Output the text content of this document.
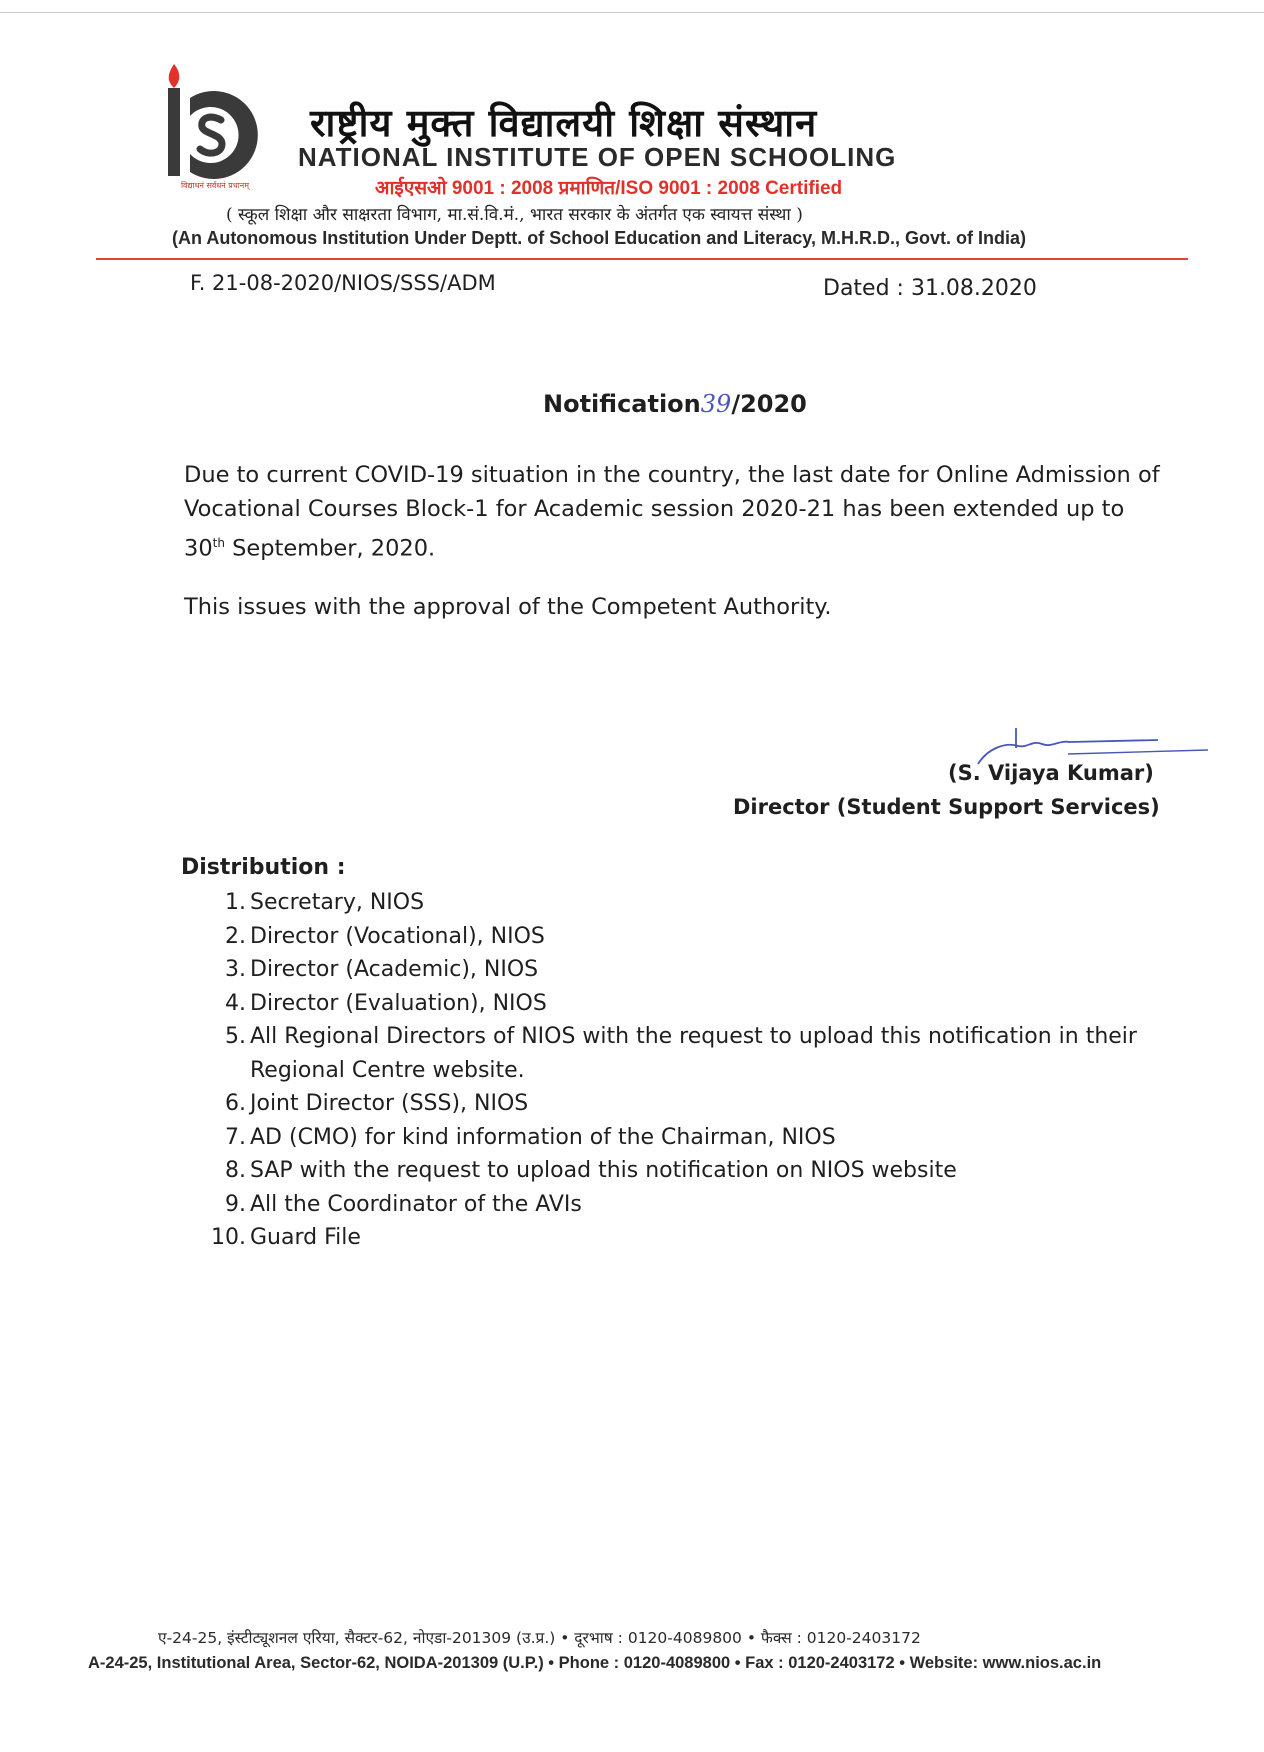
विद्याधनं सर्वधनं प्रधानम्
राष्ट्रीय मुक्त विद्यालयी शिक्षा संस्थान
NATIONAL INSTITUTE OF OPEN SCHOOLING
आईएसओ 9001 : 2008 प्रमाणित/ISO 9001 : 2008 Certified
( स्कूल शिक्षा और साक्षरता विभाग, मा.सं.वि.मं., भारत सरकार के अंतर्गत एक स्वायत्त संस्था )
(An Autonomous Institution Under Deptt. of School Education and Literacy, M.H.R.D., Govt. of India)
F. 21-08-2020/NIOS/SSS/ADM	Dated : 31.08.2020
Notification39/2020
Due to current COVID-19 situation in the country, the last date for Online Admission of Vocational Courses Block-1 for Academic session 2020-21 has been extended up to 30th September, 2020.
This issues with the approval of the Competent Authority.
(S. Vijaya Kumar)
Director (Student Support Services)
Distribution :
1. Secretary, NIOS
2. Director (Vocational), NIOS
3. Director (Academic), NIOS
4. Director (Evaluation), NIOS
5. All Regional Directors of NIOS with the request to upload this notification in their Regional Centre website.
6. Joint Director (SSS), NIOS
7. AD (CMO) for kind information of the Chairman, NIOS
8. SAP with the request to upload this notification on NIOS website
9. All the Coordinator of the AVIs
10. Guard File
ए-24-25, इंस्टीट्यूशनल एरिया, सैक्टर-62, नोएडा-201309 (उ.प्र.) • दूरभाष : 0120-4089800 • फैक्स : 0120-2403172
A-24-25, Institutional Area, Sector-62, NOIDA-201309 (U.P.) • Phone : 0120-4089800 • Fax : 0120-2403172 • Website: www.nios.ac.in
